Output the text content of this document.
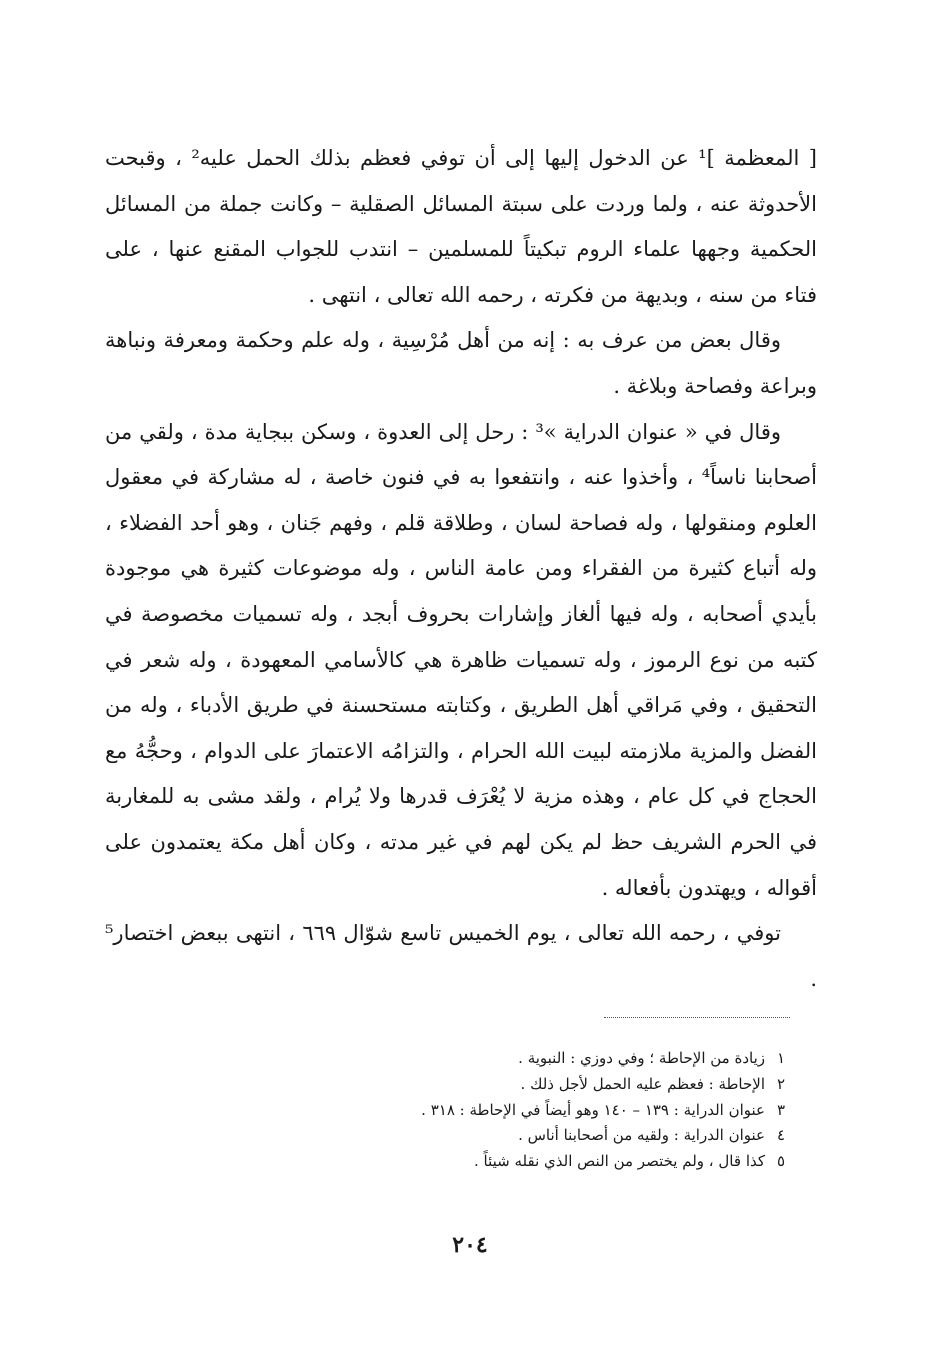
[ المعظمة ]¹ عن الدخول إليها إلى أن توفي فعظم بذلك الحمل عليه² ، وقبحت الأحدوثة عنه ، ولما وردت على سبتة المسائل الصقلية – وكانت جملة من المسائل الحكمية وجهها علماء الروم تبكيتاً للمسلمين – انتدب للجواب المقنع عنها ، على فتاء من سنه ، وبديهة من فكرته ، رحمه الله تعالى ، انتهى .

وقال بعض من عرف به : إنه من أهل مُرْسِية ، وله علم وحكمة ومعرفة ونباهة وبراعة وفصاحة وبلاغة .

وقال في « عنوان الدراية »³ : رحل إلى العدوة ، وسكن ببجاية مدة ، ولقي من أصحابنا ناساً⁴ ، وأخذوا عنه ، وانتفعوا به في فنون خاصة ، له مشاركة في معقول العلوم ومنقولها ، وله فصاحة لسان ، وطلاقة قلم ، وفهم جَنان ، وهو أحد الفضلاء ، وله أتباع كثيرة من الفقراء ومن عامة الناس ، وله موضوعات كثيرة هي موجودة بأيدي أصحابه ، وله فيها ألغاز وإشارات بحروف أبجد ، وله تسميات مخصوصة في كتبه من نوع الرموز ، وله تسميات ظاهرة هي كالأسامي المعهودة ، وله شعر في التحقيق ، وفي مَراقي أهل الطريق ، وكتابته مستحسنة في طريق الأدباء ، وله من الفضل والمزية ملازمته لبيت الله الحرام ، والتزامُه الاعتمارَ على الدوام ، وحجُّهُ مع الحجاج في كل عام ، وهذه مزية لا يُعْرَف قدرها ولا يُرام ، ولقد مشى به للمغاربة في الحرم الشريف حظ لم يكن لهم في غير مدته ، وكان أهل مكة يعتمدون على أقواله ، ويهتدون بأفعاله .

توفي ، رحمه الله تعالى ، يوم الخميس تاسع شوّال ٦٦٩ ، انتهى ببعض اختصار⁵ .

١زيادة من الإحاطة ؛ وفي دوزي : النبوية .
٢الإحاطة : فعظم عليه الحمل لأجل ذلك .
٣عنوان الدراية : ١٣٩ – ١٤٠ وهو أيضاً في الإحاطة : ٣١٨ .
٤عنوان الدراية : ولقيه من أصحابنا أناس .
٥كذا قال ، ولم يختصر من النص الذي نقله شيئاً .
٢٠٤
